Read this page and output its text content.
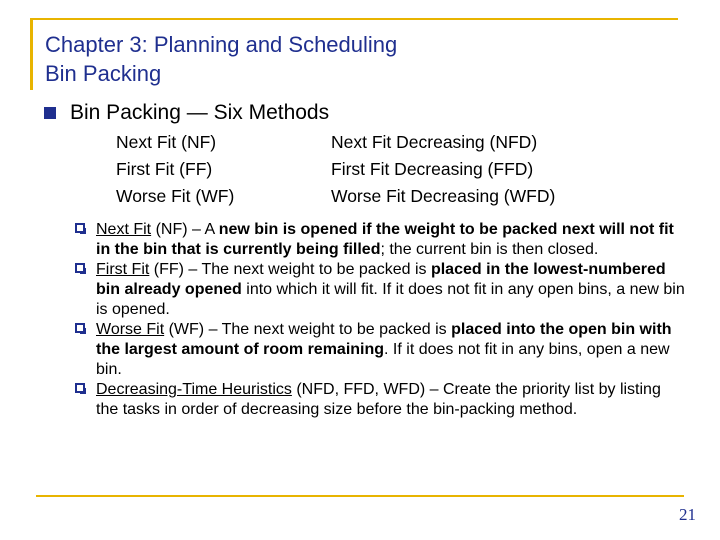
Chapter 3: Planning and Scheduling
Bin Packing
Bin Packing — Six Methods
Next Fit (NF)
First Fit (FF)
Worse Fit (WF)
Next Fit Decreasing (NFD)
First Fit Decreasing (FFD)
Worse Fit Decreasing (WFD)
Next Fit (NF) – A new bin is opened if the weight to be packed next will not fit in the bin that is currently being filled; the current bin is then closed.
First Fit (FF) – The next weight to be packed is placed in the lowest-numbered bin already opened into which it will fit. If it does not fit in any open bins, a new bin is opened.
Worse Fit (WF) – The next weight to be packed is placed into the open bin with the largest amount of room remaining. If it does not fit in any bins, open a new bin.
Decreasing-Time Heuristics (NFD, FFD, WFD) – Create the priority list by listing the tasks in order of decreasing size before the bin-packing method.
21
